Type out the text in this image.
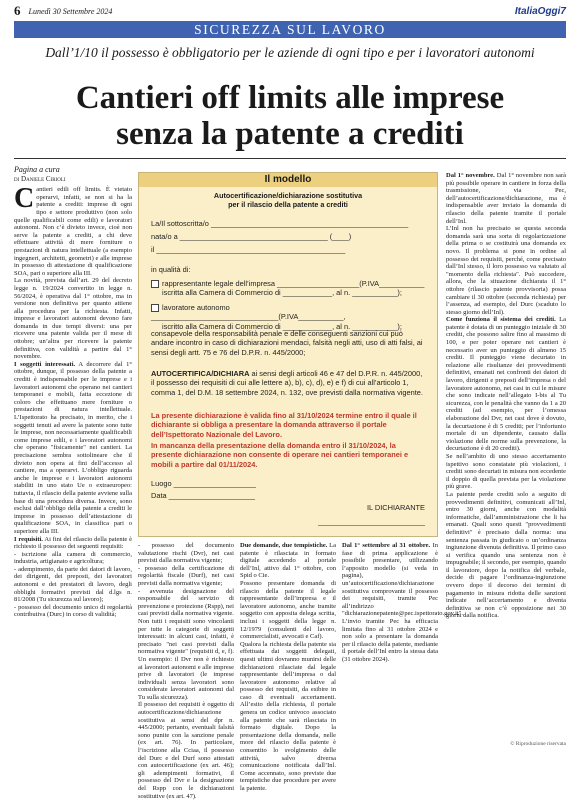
6 Lunedì 30 Settembre 2024	ItaliaOggi7
SICUREZZA SUL LAVORO
Dall’1/10 il possesso è obbligatorio per le aziende di ogni tipo e per i lavoratori autonomi
Cantieri off limits alle imprese
senza la patente a crediti
Pagina a cura
di Daniele Cirioli

Cantieri edili off limits. È vietato operarvi, infatti, se non si ha la patente a crediti: imprese di ogni tipo e settore produttivo (non solo quelle qualificabili come edili) e lavoratori autonomi. Non c’è divieto invece, cioè non serve la patente a crediti, a chi deve effettuare attività di mere forniture o prestazioni di natura intellettuale (a esempio ingegneri, architetti, geometri) e alle imprese in possesso di attestazione di qualificazione SOA, pari o superiore alla III.

La novità, prevista dall’art. 29 del decreto legge n. 19/2024 convertito in legge n. 56/2024, è operativa dal 1° ottobre, ma in versione non definitiva per quanto attiene alla procedura per la richiesta. Infatti, imprese e lavoratori autonomi devono fare domanda in due tempi diversi: una per ricevere una patente valida per il mese di ottobre; un’altra per ricevere la patente definitiva, con validità a partire dal 1° novembre.

I soggetti interessati. A decorrere dal 1° ottobre, dunque, il possesso della patente a crediti è indispensabile per le imprese e i lavoratori autonomi che operano nei cantieri temporanei e mobili, fatta eccezione di coloro che effettuano mere forniture o prestazioni di natura intellettuale. L’Ispettorato ha precisato, in merito, che i soggetti tenuti ad avere la patente sono tutte le imprese, non necessariamente qualificabili come imprese edili, e i lavoratori autonomi che operano "fisicamente" nei cantieri. La precisazione sembra sottolineare che il divieto non opera ai fini dell’accesso al cantiere, ma a operarvi. L’obbligo riguarda anche le imprese e i lavoratori autonomi stabiliti in uno stato Ue o extraeuropeo: tuttavia, il rilascio della patente avviene sulla base di una procedura diversa. Invece, sono esclusi dall’obbligo della patente a crediti le imprese in possesso dell’attestazione di qualificazione SOA, in classifica pari o superiore alla III.

I requisiti. Ai fini del rilascio della patente è richiesto il possesso dei seguenti requisiti:

- iscrizione alla camera di commercio, industria, artigianato e agricoltura;

- adempimento, da parte dei datori di lavoro, dei dirigenti, dei preposti, dei lavoratori autonomi e dei prestatori di lavoro, degli obblighi formativi previsti dal d.lgs n. 81/2008 (Tu sicurezza sul lavoro);

- possesso del documento unico di regolarità contributiva (Durc) in corso di validità;

Il modello
Autocertificazione/dichiarazione sostitutiva
per il rilascio della patente a crediti
La/Il sottoscritta/o ________________________________________________
nata/o a ____________________________________ (____)
il ______________________________________________
in qualità di:
rappresentante legale dell’impresa ____________________(P.IVA___________
iscritta alla Camera di Commercio di ____________, al n. ___________);
lavoratore autonomo _______________________________(P.IVA___________,
iscritto alla Camera di Commercio di ____________, al n. ___________);
consapevole della responsabilità penale e delle conseguenti sanzioni cui può andare incontro in caso di dichiarazioni mendaci, falsità negli atti, uso di atti falsi, ai sensi degli artt. 75 e 76 del D.P.R. n. 445/2000;
AUTOCERTIFICA/DICHIARA ai sensi degli articoli 46 e 47 del D.P.R. n. 445/2000, il possesso dei requisiti di cui alle lettere a), b), c), d), e) e f) di cui all’articolo 1, comma 1, del D.M. 18 settembre 2024, n. 132, ove previsti dalla normativa vigente.
La presente dichiarazione è valida fino al 31/10/2024 termine entro il quale il dichiarante si obbliga a presentare la domanda attraverso il portale dell’Ispettorato Nazionale del Lavoro.
In mancanza della presentazione della domanda entro il 31/10/2024, la presente dichiarazione non consente di operare nei cantieri temporanei e mobili a partire dal 01/11/2024.
Luogo ____________________
Data _____________________
IL DICHIARANTE
__________________________

- possesso del documento valutazione rischi (Dvr), nei casi previsti dalla normativa vigente;

- possesso della certificazione di regolarità fiscale (Durf), nei casi previsti dalla normativa vigente;

- avvenuta designazione del responsabile del servizio di prevenzione e protezione (Rspp), nei casi previsti dalla normativa vigente.

Non tutti i requisiti sono vincolanti per tutte le categorie di soggetti interessati: in alcuni casi, infatti, è precisato "nei casi previsti dalla normativa vigente" (requisiti d, e, f). Un esempio: il Dvr non è richiesto ai lavoratori autonomi e alle imprese prive di lavoratori (le imprese individuali senza lavoratori sono considerate lavoratori autonomi dal Tu sulla sicurezza).

Il possesso dei requisiti è oggetto di autocertificazione/dichiarazione sostitutiva ai sensi del dpr n. 445/2000; pertanto, eventuali falsità sono punite con la sanzione penale (ex art. 76). In particolare, l’iscrizione alla Cciaa, il possesso del Durc e del Durf sono attestati con autocertificazione (ex art. 46); gli adempimenti formativi, il possesso del Dvr e la designazione del Rspp con le dichiarazioni sostitutive (ex art. 47).

Due domande, due tempistiche. La patente è rilasciata in formato digitale accedendo al portale dell’Inl, attivo dal 1° ottobre, con Spid o Cie.

Possono presentare domanda di rilascio della patente il legale rappresentante dell’impresa e il lavoratore autonomo, anche tramite soggetto con apposita delega scritta, inclusi i soggetti della legge n. 12/1979 (consulenti del lavoro, commercialisti, avvocati e Caf).

Qualora la richiesta della patente sia effettuata dai soggetti delegati, questi ultimi dovranno munirsi delle dichiarazioni rilasciate dal legale rappresentante dell’impresa o dal lavoratore autonomo relative al possesso dei requisiti, da esibire in caso di eventuali accertamenti. All’esito della richiesta, il portale genera un codice univoco associato alla patente che sarà rilasciata in formato digitale. Dopo la presentazione della domanda, nelle more del rilascio della patente è consentito lo svolgimento delle attività, salvo diversa comunicazione notificata dall’Inl. Come accennato, sono previste due tempistiche due procedure per avere la patente.

Dal 1° settembre al 31 ottobre. In fase di prima applicazione è possibile presentare, utilizzando l’apposito modello (si veda in pagina), un’autocertificazione/dichiarazione sostitutiva comprovante il possesso dei requisiti, tramite Pec all’indirizzo "dichiarazionepatente@pec.ispettorato.gov.it".

L’invio tramite Pec ha efficacia limitata fino al 31 ottobre 2024 e non solo a presentare la domanda per il rilascio della patente, mediante il portale dell’Inl entro la stessa data (31 ottobre 2024).

Dal 1° novembre. Dal 1° novembre non sarà più possibile operare in cantiere in forza della trasmissione, via Pec, dell’autocertificazione/dichiarazione, ma è indispensabile aver inviato la domanda di rilascio della patente tramite il portale dell’Inl.

L’Inl non ha precisato se questa seconda domanda sarà una sorta di regolarizzazione della prima o se costituirà una domanda ex novo. Il problema si pone in ordine al possesso dei requisiti, perché, come precisato dall’Inl stesso, il loro possesso va valutato al "momento della richiesta". Può succedere, allora, che la situazione dichiarata il 1° ottobre (rilascio patente provvisoria) possa cambiare il 30 ottobre (seconda richiesta) per l’assenza, ad esempio, del Durc (scaduto lo stesso giorno dell’Inl).

Come funziona il sistema dei crediti. La patente è dotata di un punteggio iniziale di 30 crediti, che possono salire fino al massimo di 100, e per poter operare nei cantieri è necessario aver un punteggio di almeno 15 crediti. Il punteggio viene decurtato in relazione alle risultanze dei provvedimenti definitivi, emanati nei confronti dei datori di lavoro, dirigenti e preposti dell’impresa o del lavoratore autonomo, nei casi in cui le misure che sono indicate nell’allegato I-bis al Tu sicurezza, con le penalità che vanno da 1 a 20 crediti (ad esempio, per l’omessa elaborazione del Dvr, nei casi dove è dovuto, la decurtazione è di 5 crediti; per l’infortunio mortale di un dipendente, causato dalla violazione delle norme sulla prevenzione, la decurtazione è di 20 crediti).

Se nell’ambito di uno stesso accertamento ispettivo sono constatate più violazioni, i crediti sono decurtati in misura non eccedente il doppio di quella prevista per la violazione più grave.

La patente perde crediti solo a seguito di provvedimenti definitivi, comunicati all’Inl, entro 30 giorni, anche con modalità informatiche, dall’amministrazione che li ha emanati. Quali sono questi "provvedimenti definitivi" è precisato dalla norma: una sentenza passata in giudicato o un’ordinanza ingiunzione divenuta definitiva. Il primo caso si verifica quando una sentenza non è impugnabile; il secondo, per esempio, quando il lavoratore, dopo la notifica del verbale, decide di pagare l’ordinanza-ingiunzione ovvero dopo il decorso dei termini di pagamento in misura ridotta delle sanzioni indicate nell’accertamento e diventa definitiva se non c’è opposizione nei 30 giorni dalla notifica.

© Riproduzione riservata
